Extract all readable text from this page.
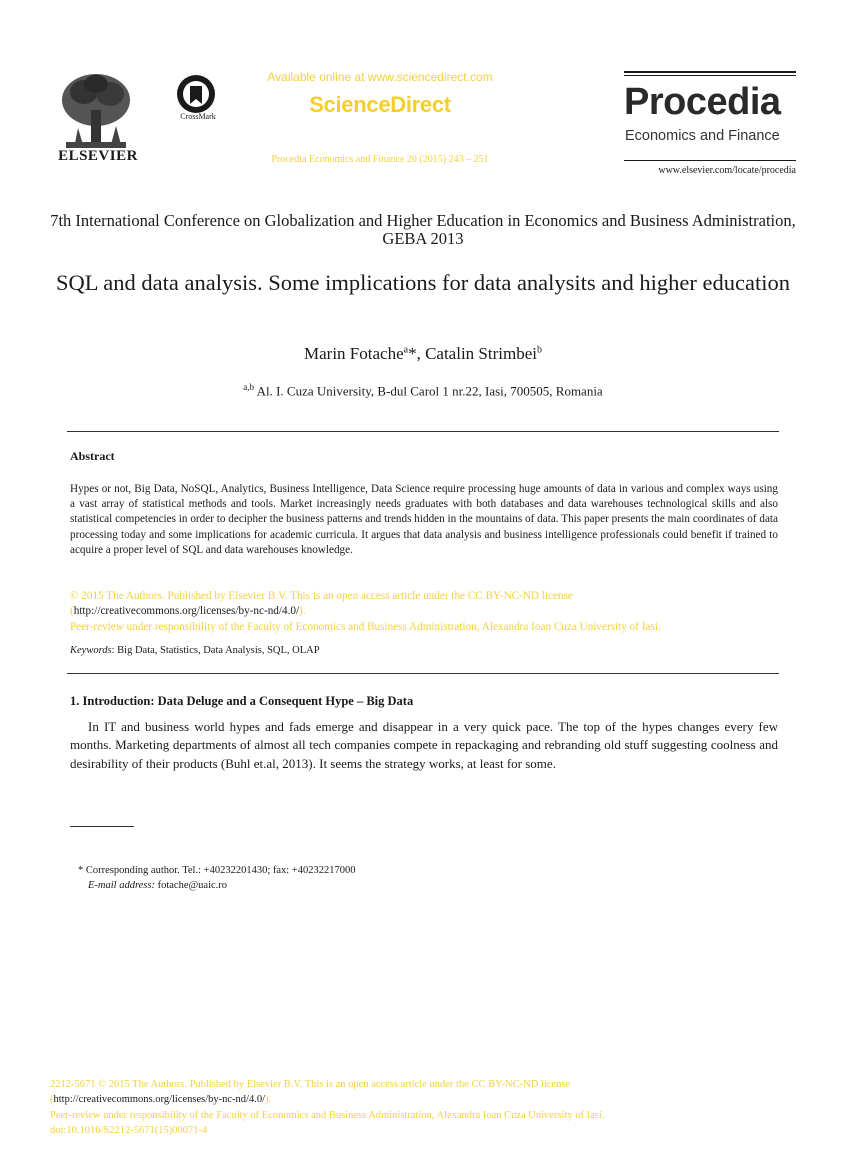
ELSEVIER
CrossMark
Available online at www.sciencedirect.com
ScienceDirect
Procedia Economics and Finance 20 (2015) 243 – 251
Procedia
Economics and Finance
www.elsevier.com/locate/procedia
7th International Conference on Globalization and Higher Education in Economics and Business Administration, GEBA 2013
SQL and data analysis. Some implications for data analysits and higher education
Marin Fotache$^a$*, Catalin Strimbei$^b$
$^{a,b}$ Al. I. Cuza University, B-dul Carol 1 nr.22, Iasi, 700505, Romania
Abstract
Hypes or not, Big Data, NoSQL, Analytics, Business Intelligence, Data Science require processing huge amounts of data in various and complex ways using a vast array of statistical methods and tools. Market increasingly needs graduates with both databases and data warehouses technological skills and also statistical competencies in order to decipher the business patterns and trends hidden in the mountains of data. This paper presents the main coordinates of data processing today and some implications for academic curricula. It argues that data analysis and business intelligence professionals could benefit if trained to acquire a proper level of SQL and data warehouses knowledge.
© 2015 The Authors. Published by Elsevier B.V. This is an open access article under the CC BY-NC-ND license
(http://creativecommons.org/licenses/by-nc-nd/4.0/).
Peer-review under responsibility of the Faculty of Economics and Business Administration, Alexandra Ioan Cuza University of Iasi.
Keywords: Big Data, Statistics, Data Analysis, SQL, OLAP
1. Introduction: Data Deluge and a Consequent Hype – Big Data
In IT and business world hypes and fads emerge and disappear in a very quick pace. The top of the hypes changes every few months. Marketing departments of almost all tech companies compete in repackaging and rebranding old stuff suggesting coolness and desirability of their products (Buhl et.al, 2013). It seems the strategy works, at least for some.
* Corresponding author. Tel.: +40232201430; fax: +40232217000
E-mail address: fotache@uaic.ro
2212-5671 © 2015 The Authors. Published by Elsevier B.V. This is an open access article under the CC BY-NC-ND license
(http://creativecommons.org/licenses/by-nc-nd/4.0/).
Peer-review under responsibility of the Faculty of Economics and Business Administration, Alexandra Ioan Cuza University of Iasi.
doi:10.1016/S2212-5671(15)00071-4
